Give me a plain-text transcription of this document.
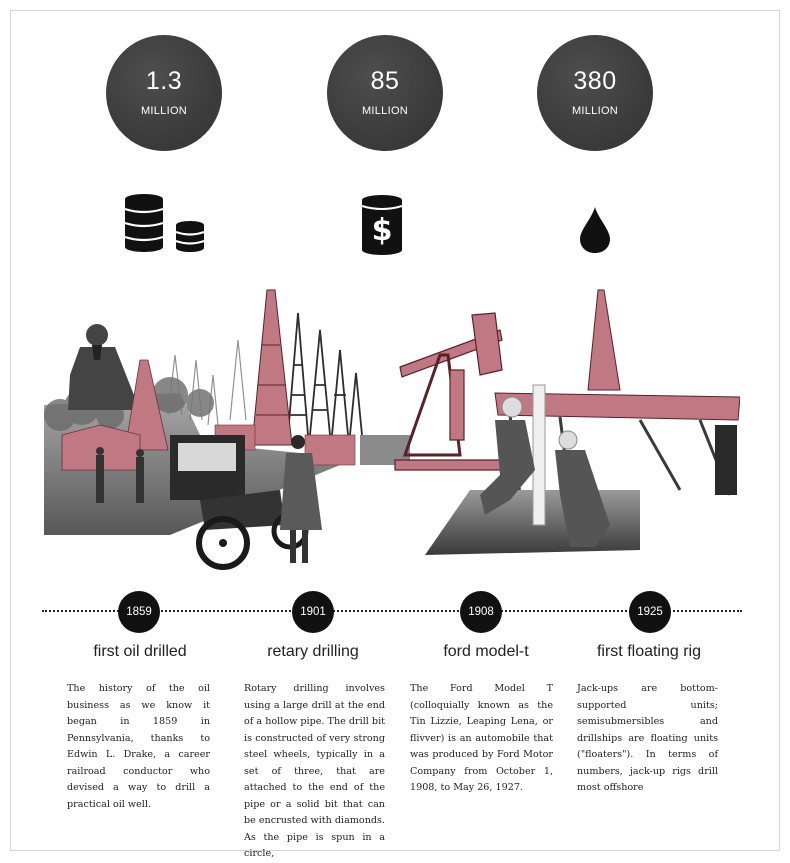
1.3
MILLION
85
MILLION
380
MILLION
$
1859	1901	1908	1925
first oil drilled	retary drilling	ford model-t	first floating rig
The history of the oil business as we know it began in 1859 in Pennsylvania, thanks to Edwin L. Drake, a career railroad conductor who devised a way to drill a practical oil well.
Rotary drilling involves using a large drill at the end of a hollow pipe. The drill bit is constructed of very strong steel wheels, typically in a set of three, that are attached to the end of the pipe or a solid bit that can be encrusted with diamonds. As the pipe is spun in a circle,
The Ford Model T (colloquially known as the Tin Lizzie, Leaping Lena, or flivver) is an automobile that was produced by Ford Motor Company from October 1, 1908, to May 26, 1927.
Jack-ups are bottom-supported units; semisubmersibles and drillships are floating units ("floaters"). In terms of numbers, jack-up rigs drill most offshore
